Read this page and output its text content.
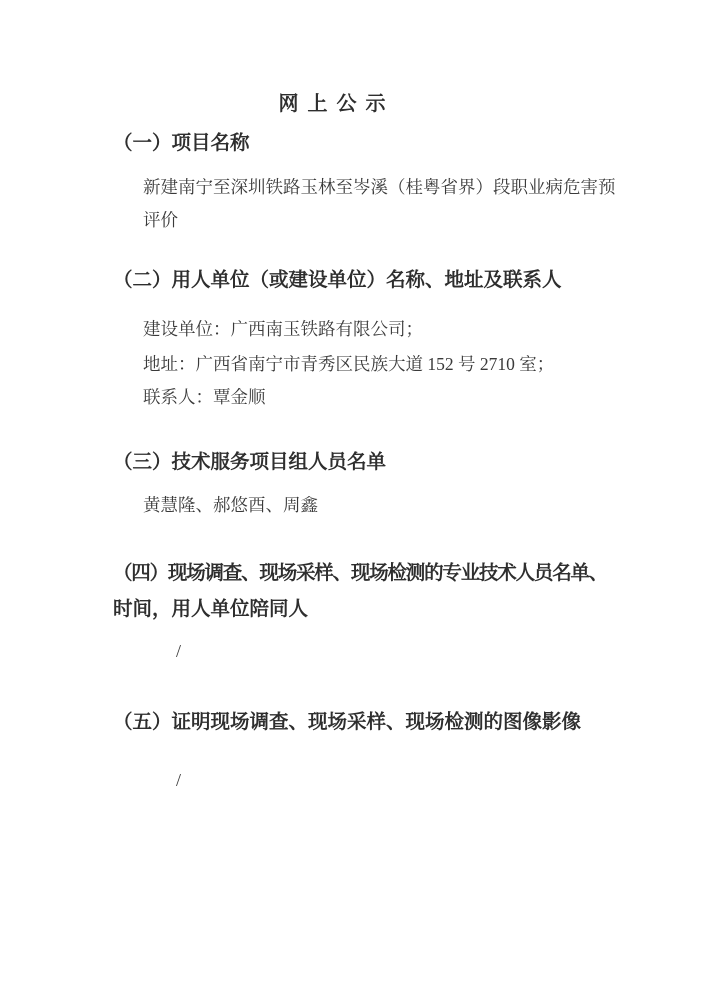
网 上 公 示
（一）项目名称
新建南宁至深圳铁路玉林至岑溪（桂粤省界）段职业病危害预
评价
（二）用人单位（或建设单位）名称、地址及联系人
建设单位：广西南玉铁路有限公司；
地址：广西省南宁市青秀区民族大道 152 号 2710 室；
联系人：覃金顺
（三）技术服务项目组人员名单
黄慧隆、郝悠酉、周鑫
（四）现场调查、现场采样、现场检测的专业技术人员名单、
时间，用人单位陪同人
/
（五）证明现场调查、现场采样、现场检测的图像影像
/
